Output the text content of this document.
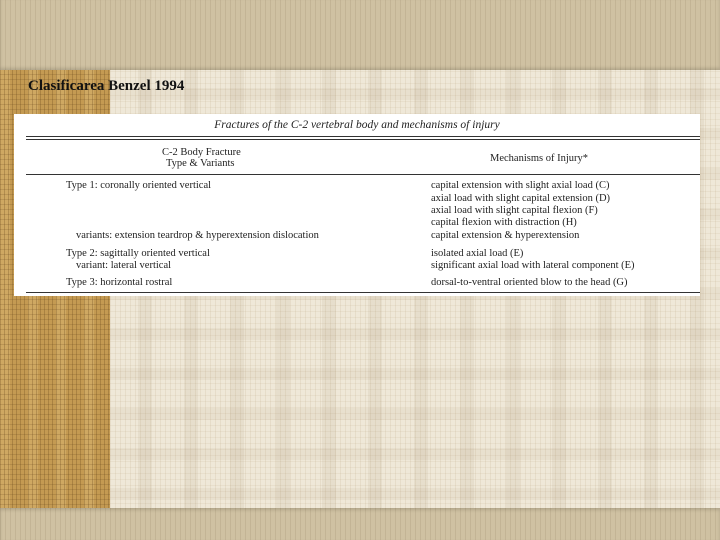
Clasificarea Benzel 1994
Fractures of the C-2 vertebral body and mechanisms of injury
C-2 Body Fracture
Type & Variants	Mechanisms of Injury*
Type 1: coronally oriented vertical
variants: extension teardrop & hyperextension dislocation
Type 2: sagittally oriented vertical
variant: lateral vertical
Type 3: horizontal rostral
capital extension with slight axial load (C)
axial load with slight capital extension (D)
axial load with slight capital flexion (F)
capital flexion with distraction (H)
capital extension & hyperextension
isolated axial load (E)
significant axial load with lateral component (E)
dorsal-to-ventral oriented blow to the head (G)
